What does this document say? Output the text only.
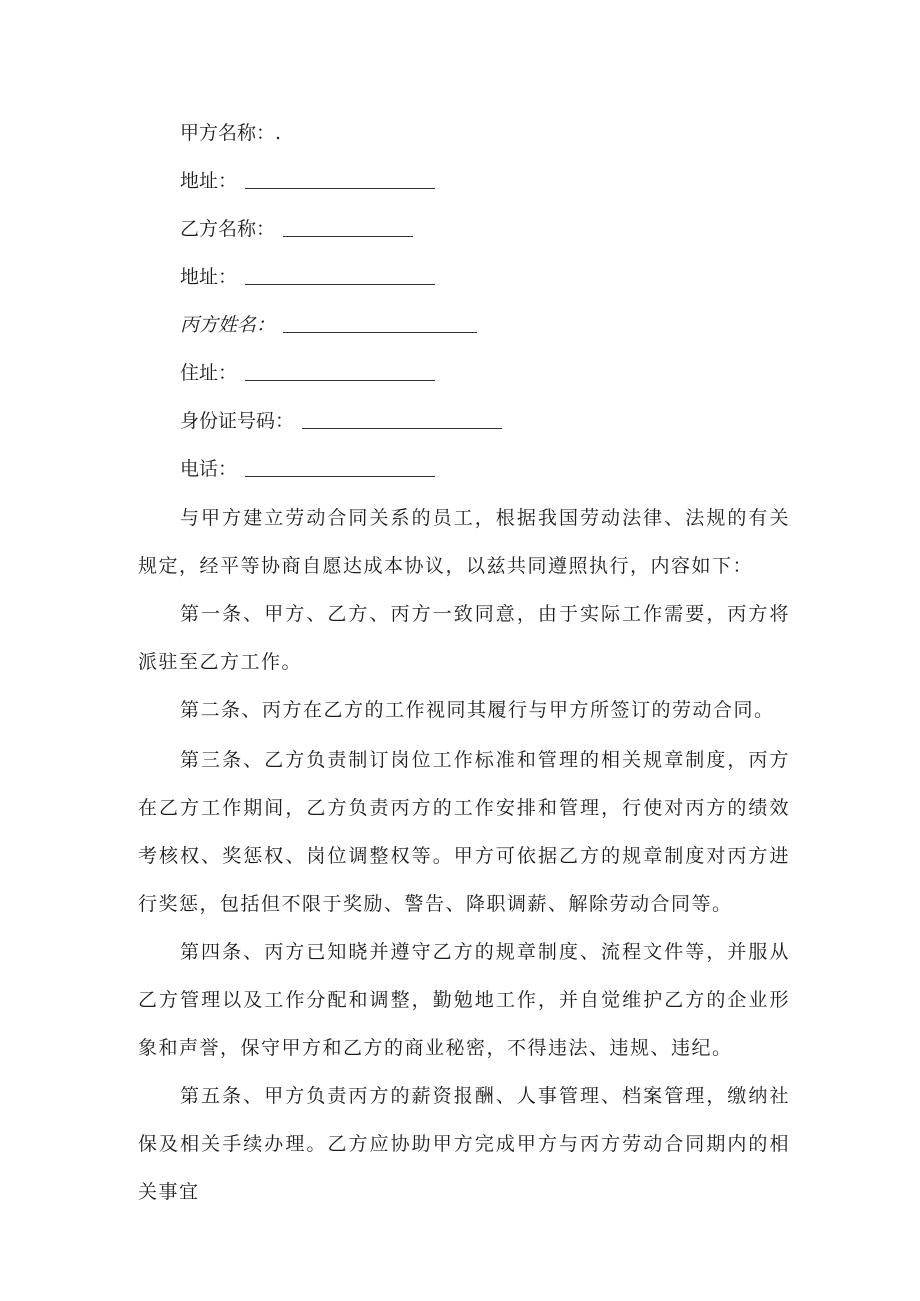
甲方名称：.
地址：
乙方名称：
地址：
丙方姓名：
住址：
身份证号码：
电话：

与甲方建立劳动合同关系的员工，根据我国劳动法律、法规的有关规定，经平等协商自愿达成本协议，以兹共同遵照执行，内容如下：

第一条、甲方、乙方、丙方一致同意，由于实际工作需要，丙方将派驻至乙方工作。

第二条、丙方在乙方的工作视同其履行与甲方所签订的劳动合同。

第三条、乙方负责制订岗位工作标准和管理的相关规章制度，丙方在乙方工作期间，乙方负责丙方的工作安排和管理，行使对丙方的绩效考核权、奖惩权、岗位调整权等。甲方可依据乙方的规章制度对丙方进行奖惩，包括但不限于奖励、警告、降职调薪、解除劳动合同等。

第四条、丙方已知晓并遵守乙方的规章制度、流程文件等，并服从乙方管理以及工作分配和调整，勤勉地工作，并自觉维护乙方的企业形象和声誉，保守甲方和乙方的商业秘密，不得违法、违规、违纪。

第五条、甲方负责丙方的薪资报酬、人事管理、档案管理，缴纳社保及相关手续办理。乙方应协助甲方完成甲方与丙方劳动合同期内的相关事宜
